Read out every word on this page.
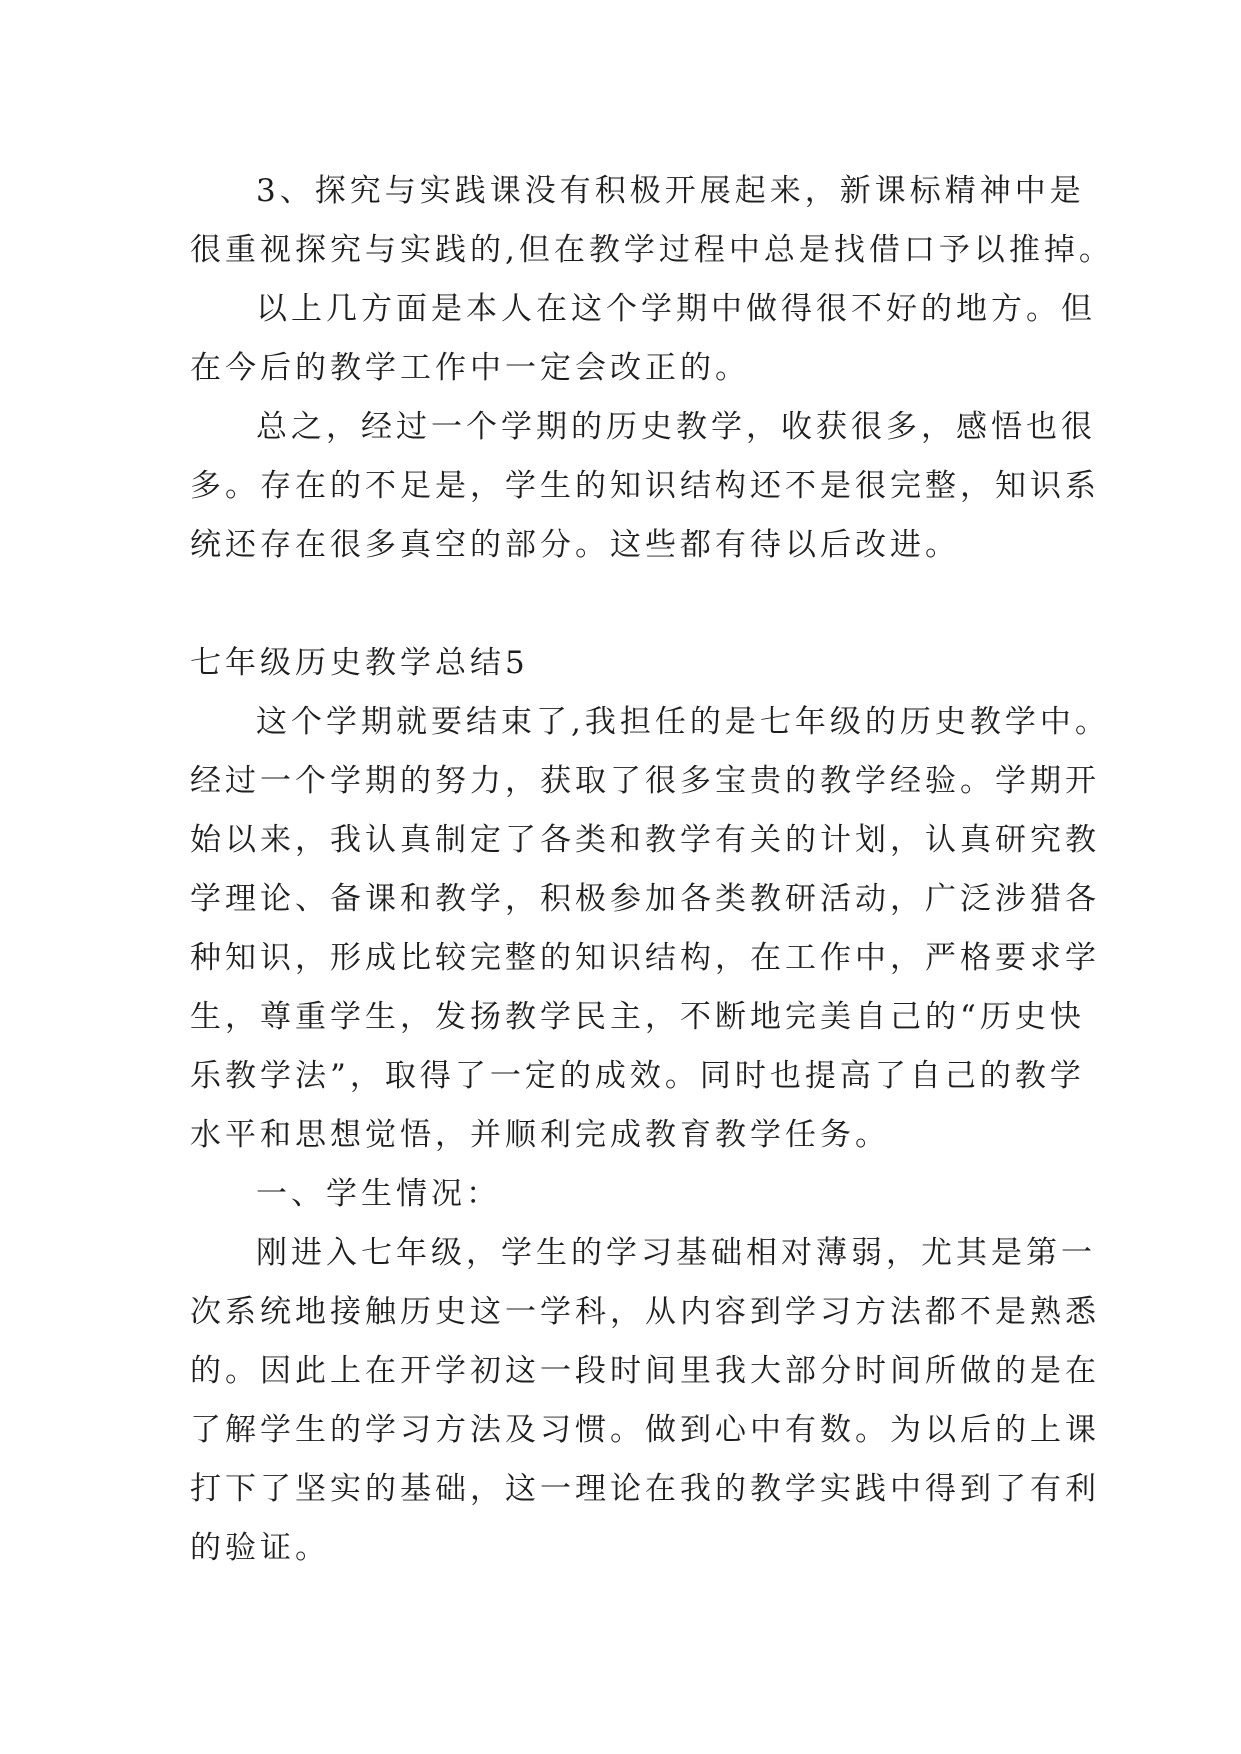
3、探究与实践课没有积极开展起来，新课标精神中是
很重视探究与实践的,但在教学过程中总是找借口予以推掉。
以上几方面是本人在这个学期中做得很不好的地方。但
在今后的教学工作中一定会改正的。
总之，经过一个学期的历史教学，收获很多，感悟也很
多。存在的不足是，学生的知识结构还不是很完整，知识系
统还存在很多真空的部分。这些都有待以后改进。
七年级历史教学总结5
这个学期就要结束了,我担任的是七年级的历史教学中。
经过一个学期的努力，获取了很多宝贵的教学经验。学期开
始以来，我认真制定了各类和教学有关的计划，认真研究教
学理论、备课和教学，积极参加各类教研活动，广泛涉猎各
种知识，形成比较完整的知识结构，在工作中，严格要求学
生，尊重学生，发扬教学民主，不断地完美自己的“历史快
乐教学法”，取得了一定的成效。同时也提高了自己的教学
水平和思想觉悟，并顺利完成教育教学任务。
一、学生情况：
刚进入七年级，学生的学习基础相对薄弱，尤其是第一
次系统地接触历史这一学科，从内容到学习方法都不是熟悉
的。因此上在开学初这一段时间里我大部分时间所做的是在
了解学生的学习方法及习惯。做到心中有数。为以后的上课
打下了坚实的基础，这一理论在我的教学实践中得到了有利
的验证。
